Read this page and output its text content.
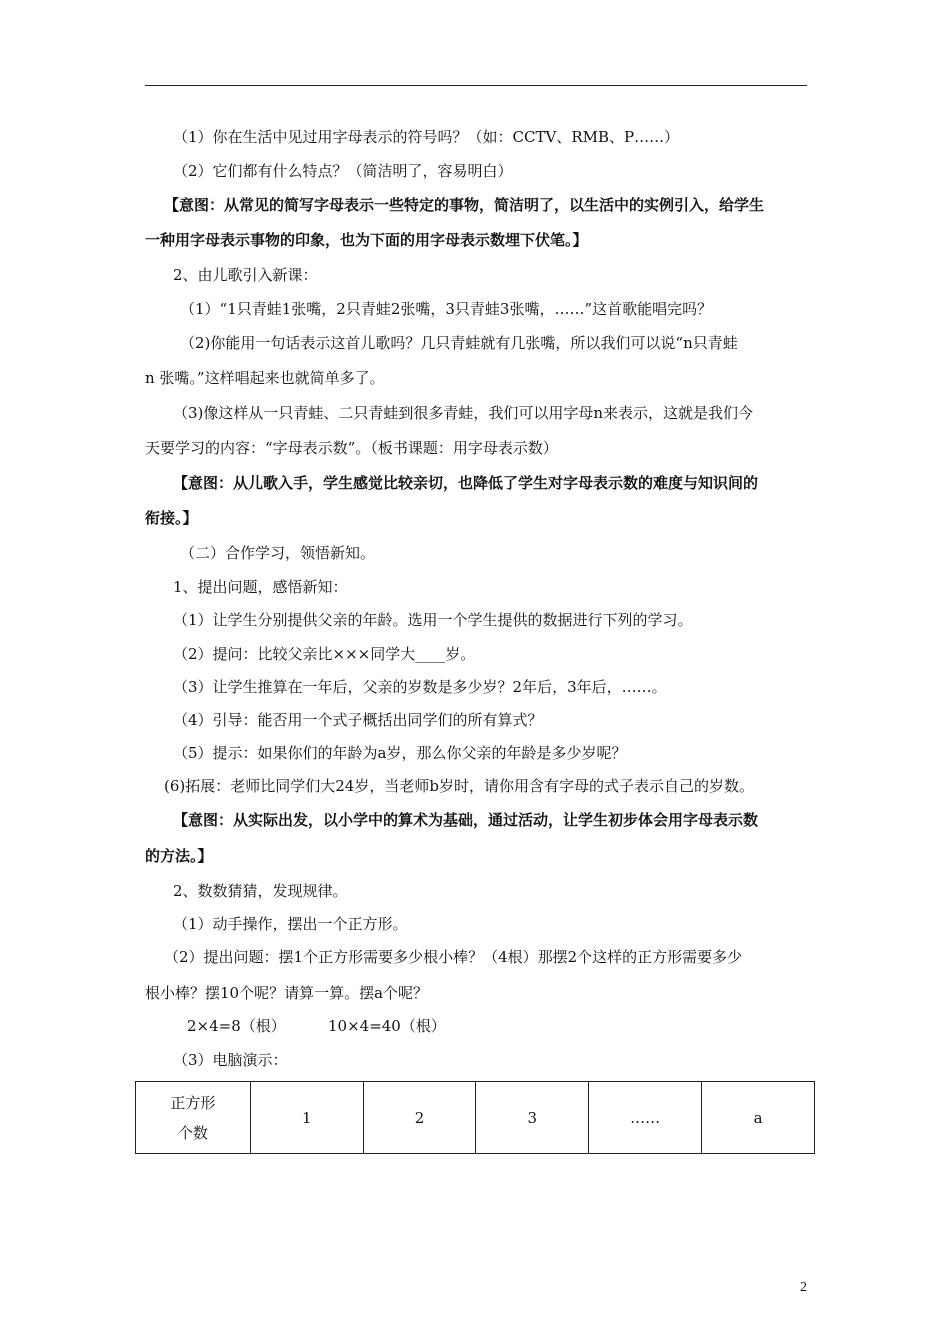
（1）你在生活中见过用字母表示的符号吗？（如：CCTV、RMB、P……）
（2）它们都有什么特点？（简洁明了，容易明白）
【意图：从常见的简写字母表示一些特定的事物，简洁明了，以生活中的实例引入，给学生
一种用字母表示事物的印象，也为下面的用字母表示数埋下伏笔。】
2、由儿歌引入新课：
（1）“1只青蛙1张嘴，2只青蛙2张嘴，3只青蛙3张嘴，……”这首歌能唱完吗？
（2)你能用一句话表示这首儿歌吗？几只青蛙就有几张嘴，所以我们可以说“n只青蛙
n 张嘴。”这样唱起来也就简单多了。
（3)像这样从一只青蛙、二只青蛙到很多青蛙，我们可以用字母n来表示，这就是我们今
天要学习的内容：“字母表示数”。（板书课题：用字母表示数）
【意图：从儿歌入手，学生感觉比较亲切，也降低了学生对字母表示数的难度与知识间的
衔接。】
（二）合作学习，领悟新知。
1、提出问题，感悟新知：
（1）让学生分别提供父亲的年龄。选用一个学生提供的数据进行下列的学习。
（2）提问：比较父亲比×××同学大____岁。
（3）让学生推算在一年后，父亲的岁数是多少岁？2年后，3年后，……。
（4）引导：能否用一个式子概括出同学们的所有算式？
（5）提示：如果你们的年龄为a岁，那么你父亲的年龄是多少岁呢？
(6)拓展：老师比同学们大24岁，当老师b岁时，请你用含有字母的式子表示自己的岁数。
【意图：从实际出发，以小学中的算术为基础，通过活动，让学生初步体会用字母表示数
的方法。】
2、数数猜猜，发现规律。
（1）动手操作，摆出一个正方形。
（2）提出问题：摆1个正方形需要多少根小棒？（4根）那摆2个这样的正方形需要多少
根小棒？摆10个呢？请算一算。摆a个呢？
2×4=8（根）	10×4=40（根）
（3）电脑演示：
正方形
个数
	1	2	3	……	a
2
